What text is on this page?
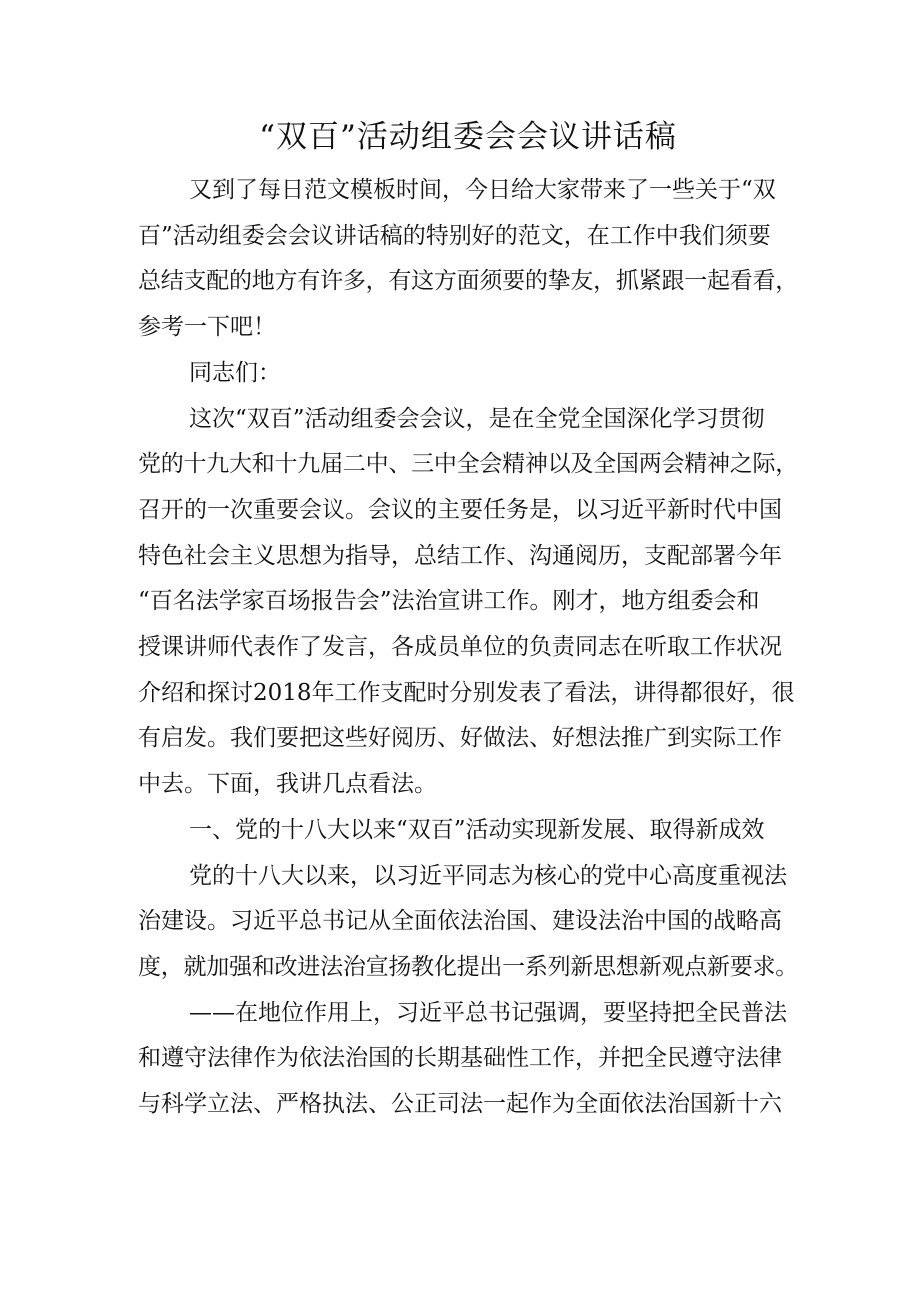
“双百”活动组委会会议讲话稿
又到了每日范文模板时间，今日给大家带来了一些关于“双
百”活动组委会会议讲话稿的特别好的范文，在工作中我们须要
总结支配的地方有许多，有这方面须要的挚友，抓紧跟一起看看，
参考一下吧！
同志们：
这次“双百”活动组委会会议，是在全党全国深化学习贯彻
党的十九大和十九届二中、三中全会精神以及全国两会精神之际，
召开的一次重要会议。会议的主要任务是，以习近平新时代中国
特色社会主义思想为指导，总结工作、沟通阅历，支配部署今年
“百名法学家百场报告会”法治宣讲工作。刚才，地方组委会和
授课讲师代表作了发言，各成员单位的负责同志在听取工作状况
介绍和探讨2018年工作支配时分别发表了看法，讲得都很好，很
有启发。我们要把这些好阅历、好做法、好想法推广到实际工作
中去。下面，我讲几点看法。
一、党的十八大以来“双百”活动实现新发展、取得新成效
党的十八大以来，以习近平同志为核心的党中心高度重视法
治建设。习近平总书记从全面依法治国、建设法治中国的战略高
度，就加强和改进法治宣扬教化提出一系列新思想新观点新要求。
——在地位作用上，习近平总书记强调，要坚持把全民普法
和遵守法律作为依法治国的长期基础性工作，并把全民遵守法律
与科学立法、严格执法、公正司法一起作为全面依法治国新十六
